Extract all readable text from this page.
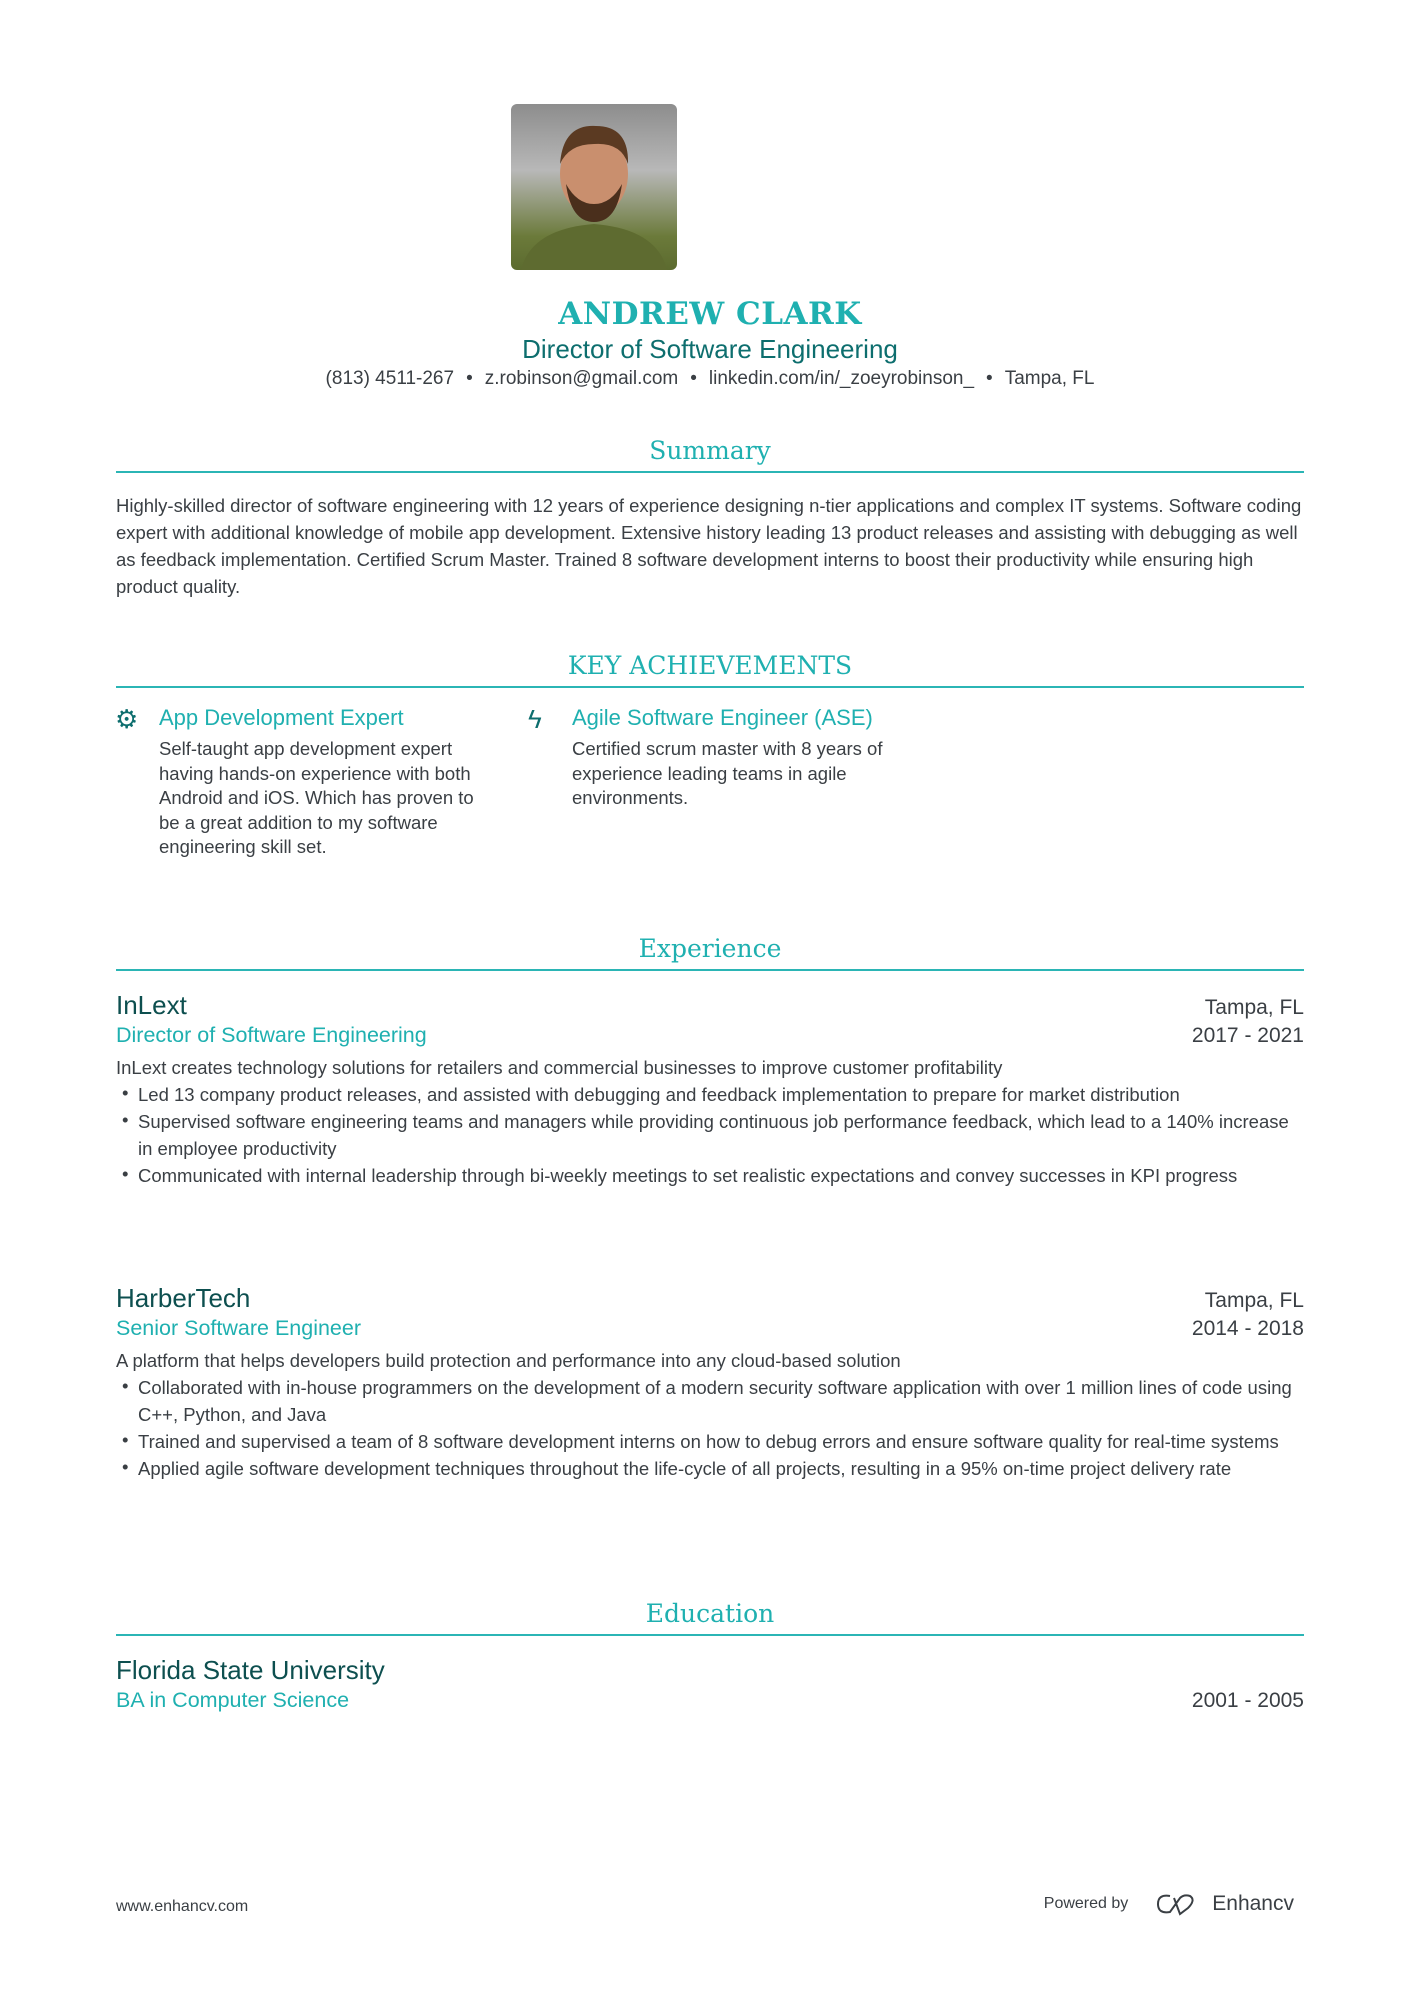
ANDREW CLARK
Director of Software Engineering
(813) 4511-267 • z.robinson@gmail.com • linkedin.com/in/_zoeyrobinson_ • Tampa, FL
Summary
Highly-skilled director of software engineering with 12 years of experience designing n-tier applications and complex IT systems. Software coding expert with additional knowledge of mobile app development. Extensive history leading 13 product releases and assisting with debugging as well as feedback implementation. Certified Scrum Master. Trained 8 software development interns to boost their productivity while ensuring high product quality.
KEY ACHIEVEMENTS
⚙ App Development Expert
Self-taught app development expert having hands-on experience with both Android and iOS. Which has proven to be a great addition to my software engineering skill set.
ϟ Agile Software Engineer (ASE)
Certified scrum master with 8 years of experience leading teams in agile environments.
Experience
InLext	Tampa, FL
Director of Software Engineering	2017 - 2021
InLext creates technology solutions for retailers and commercial businesses to improve customer profitability
• Led 13 company product releases, and assisted with debugging and feedback implementation to prepare for market distribution
• Supervised software engineering teams and managers while providing continuous job performance feedback, which lead to a 140% increase in employee productivity
• Communicated with internal leadership through bi-weekly meetings to set realistic expectations and convey successes in KPI progress
HarberTech	Tampa, FL
Senior Software Engineer	2014 - 2018
A platform that helps developers build protection and performance into any cloud-based solution
• Collaborated with in-house programmers on the development of a modern security software application with over 1 million lines of code using C++, Python, and Java
• Trained and supervised a team of 8 software development interns on how to debug errors and ensure software quality for real-time systems
• Applied agile software development techniques throughout the life-cycle of all projects, resulting in a 95% on-time project delivery rate
Education
Florida State University
BA in Computer Science	2001 - 2005
www.enhancv.com	Powered by	Enhancv
